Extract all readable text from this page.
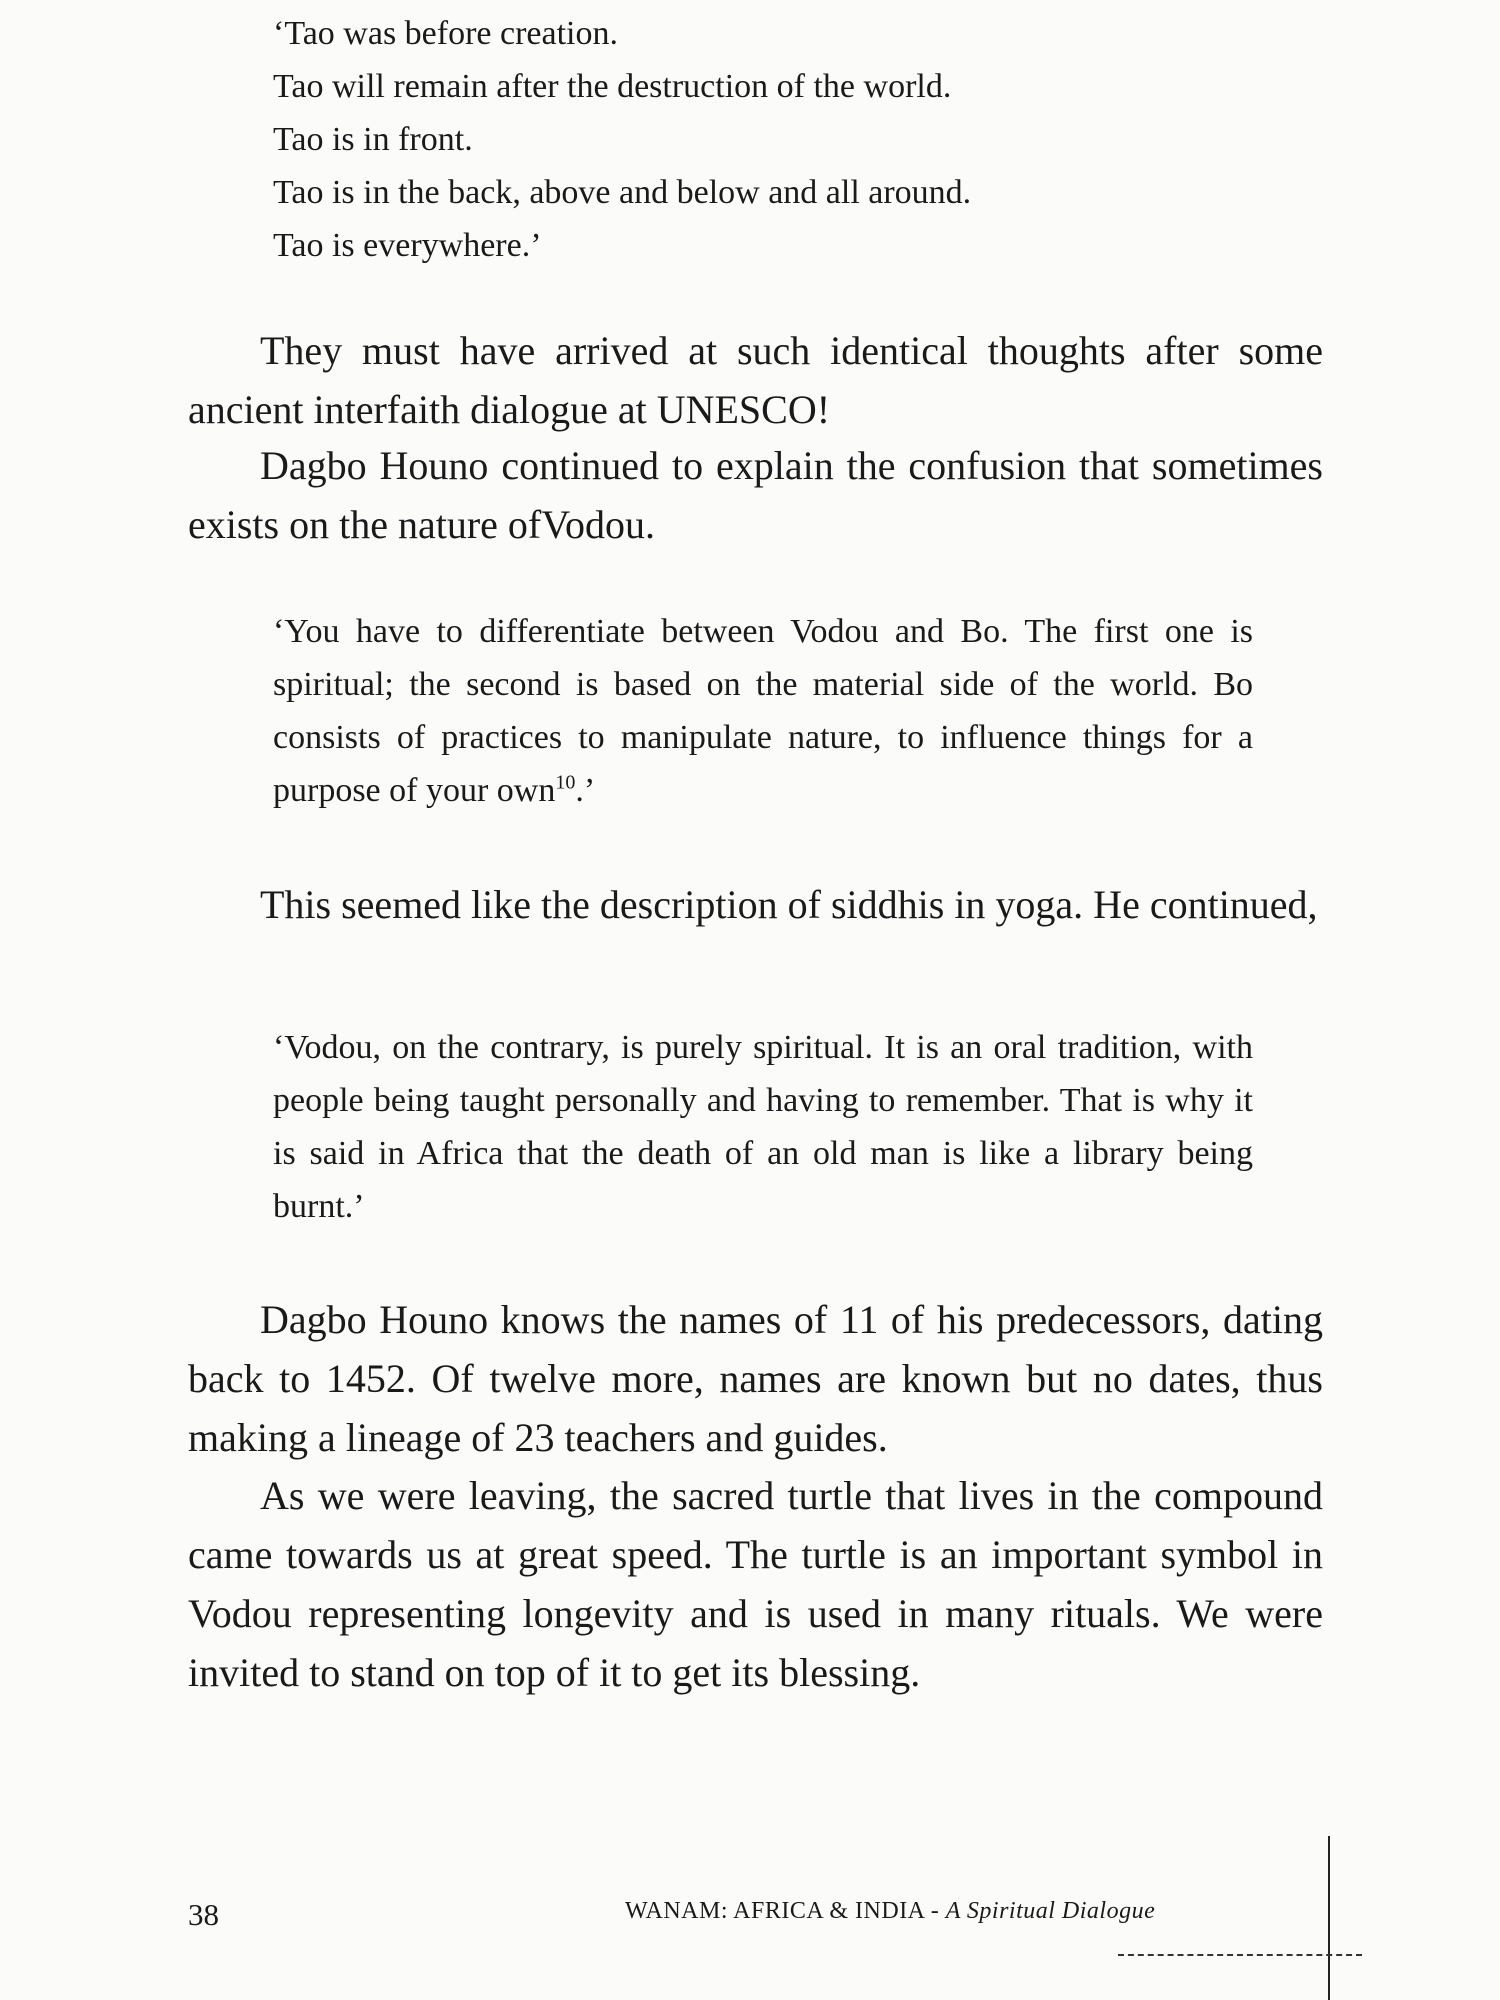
‘Tao was before creation.

Tao will remain after the destruction of the world.

Tao is in front.

Tao is in the back, above and below and all around.

Tao is everywhere.’

They must have arrived at such identical thoughts after some ancient interfaith dialogue at UNESCO!

Dagbo Houno continued to explain the confusion that sometimes exists on the nature ofVodou.

‘You have to differentiate between Vodou and Bo. The first one is spiritual; the second is based on the material side of the world. Bo consists of practices to manipulate nature, to influence things for a purpose of your own$^{10}$.’

This seemed like the description of siddhis in yoga. He continued,

‘Vodou, on the contrary, is purely spiritual. It is an oral tradition, with people being taught personally and having to remember. That is why it is said in Africa that the death of an old man is like a library being burnt.’

Dagbo Houno knows the names of 11 of his predecessors, dating back to 1452. Of twelve more, names are known but no dates, thus making a lineage of 23 teachers and guides.

As we were leaving, the sacred turtle that lives in the compound came towards us at great speed. The turtle is an important symbol in Vodou representing longevity and is used in many rituals. We were invited to stand on top of it to get its blessing.

38	WANAM: AFRICA & INDIA - A Spiritual Dialogue
